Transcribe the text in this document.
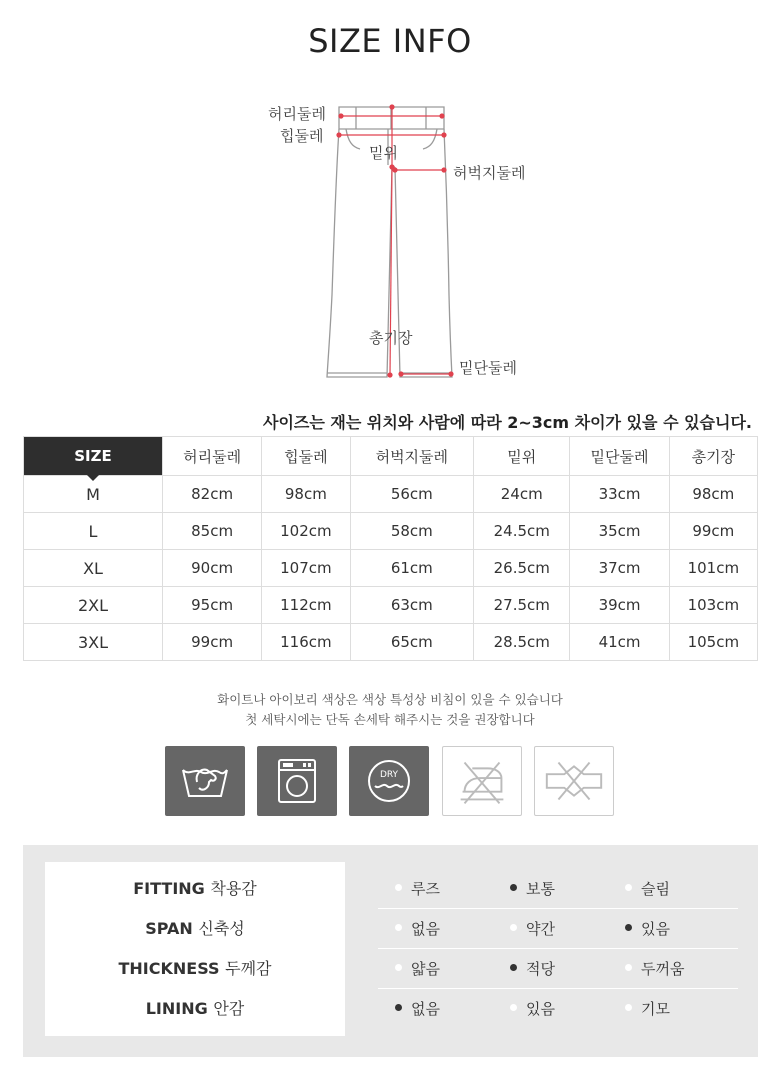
SIZE INFO
허리둘레
힙둘레
밑위
허벅지둘레
총기장
밑단둘레
사이즈는 재는 위치와 사람에 따라 2~3cm 차이가 있을 수 있습니다.
SIZE	허리둘레	힙둘레	허벅지둘레	밑위	밑단둘레	총기장
M	82cm	98cm	56cm	24cm	33cm	98cm
L	85cm	102cm	58cm	24.5cm	35cm	99cm
XL	90cm	107cm	61cm	26.5cm	37cm	101cm
2XL	95cm	112cm	63cm	27.5cm	39cm	103cm
3XL	99cm	116cm	65cm	28.5cm	41cm	105cm
화이트나 아이보리 색상은 색상 특성상 비침이 있을 수 있습니다
첫 세탁시에는 단독 손세탁 해주시는 것을 권장합니다
DRY
FITTING 착용감	루즈	보통	슬림
SPAN 신축성	없음	약간	있음
THICKNESS 두께감	얇음	적당	두꺼움
LINING 안감	없음	있음	기모
